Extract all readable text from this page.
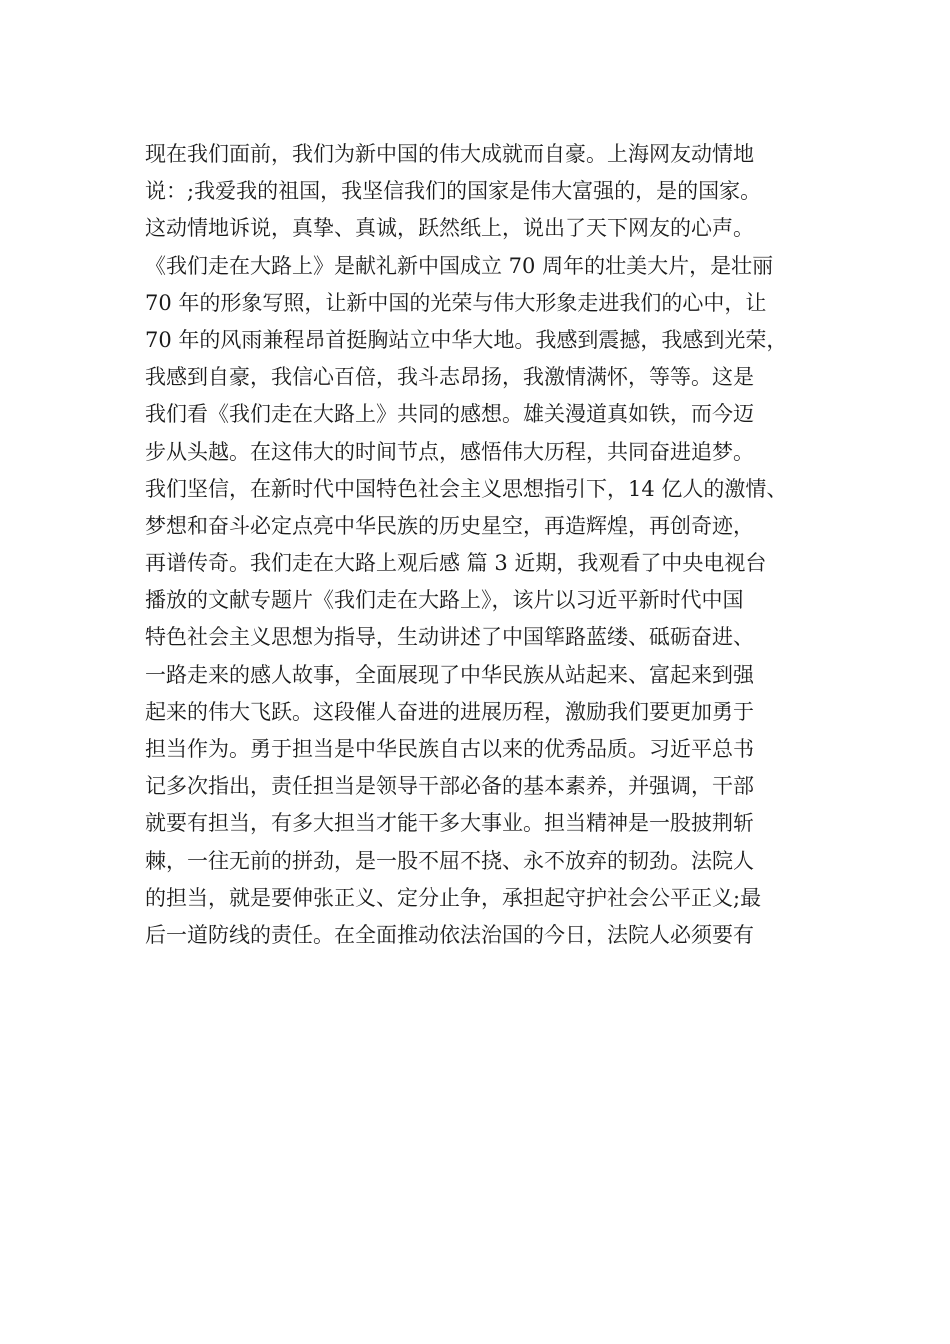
现在我们面前，我们为新中国的伟大成就而自豪。上海网友动情地
说：;我爱我的祖国，我坚信我们的国家是伟大富强的，是的国家。
这动情地诉说，真挚、真诚，跃然纸上，说出了天下网友的心声。
《我们走在大路上》是献礼新中国成立 70 周年的壮美大片，是壮丽
70 年的形象写照，让新中国的光荣与伟大形象走进我们的心中，让
70 年的风雨兼程昂首挺胸站立中华大地。我感到震撼，我感到光荣，
我感到自豪，我信心百倍，我斗志昂扬，我激情满怀，等等。这是
我们看《我们走在大路上》共同的感想。雄关漫道真如铁，而今迈
步从头越。在这伟大的时间节点，感悟伟大历程，共同奋进追梦。
我们坚信，在新时代中国特色社会主义思想指引下，14 亿人的激情、
梦想和奋斗必定点亮中华民族的历史星空，再造辉煌，再创奇迹，
再谱传奇。我们走在大路上观后感 篇 3 近期，我观看了中央电视台
播放的文献专题片《我们走在大路上》，该片以习近平新时代中国
特色社会主义思想为指导，生动讲述了中国筚路蓝缕、砥砺奋进、
一路走来的感人故事，全面展现了中华民族从站起来、富起来到强
起来的伟大飞跃。这段催人奋进的进展历程，激励我们要更加勇于
担当作为。勇于担当是中华民族自古以来的优秀品质。习近平总书
记多次指出，责任担当是领导干部必备的基本素养，并强调，干部
就要有担当，有多大担当才能干多大事业。担当精神是一股披荆斩
棘，一往无前的拼劲，是一股不屈不挠、永不放弃的韧劲。法院人
的担当，就是要伸张正义、定分止争，承担起守护社会公平正义;最
后一道防线的责任。在全面推动依法治国的今日，法院人必须要有
